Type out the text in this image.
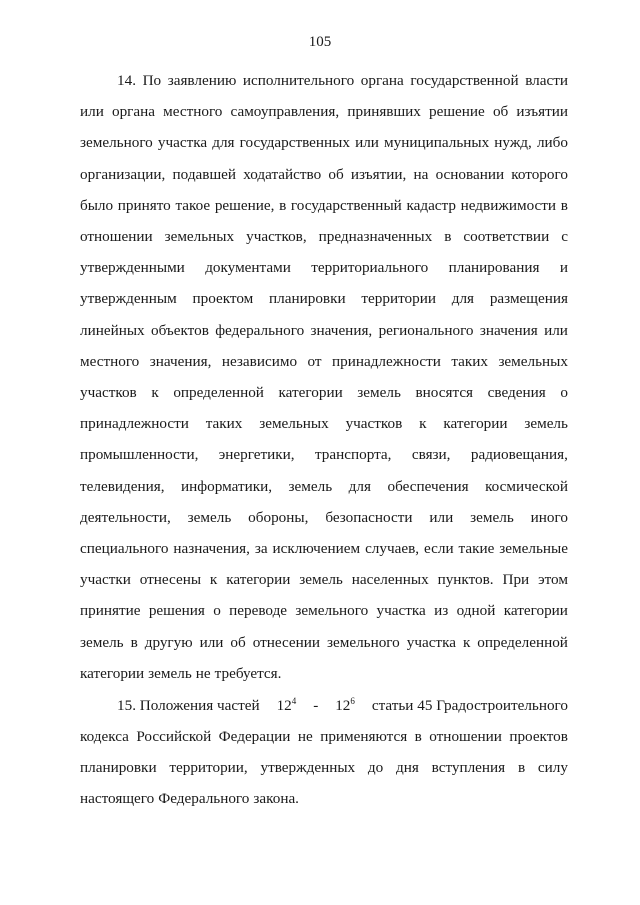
105
14. По заявлению исполнительного органа государственной власти
или органа местного самоуправления, принявших решение об изъятии
земельного участка для государственных или муниципальных нужд, либо
организации, подавшей ходатайство об изъятии, на основании которого
было принято такое решение, в государственный кадастр недвижимости в
отношении земельных участков, предназначенных в соответствии с
утвержденными документами территориального планирования и
утвержденным проектом планировки территории для размещения
линейных объектов федерального значения, регионального значения или
местного значения, независимо от принадлежности таких земельных
участков к определенной категории земель вносятся сведения о
принадлежности таких земельных участков к категории земель
промышленности, энергетики, транспорта, связи, радиовещания,
телевидения, информатики, земель для обеспечения космической
деятельности, земель обороны, безопасности или земель иного
специального назначения, за исключением случаев, если такие земельные
участки отнесены к категории земель населенных пунктов. При этом
принятие решения о переводе земельного участка из одной категории
земель в другую или об отнесении земельного участка к определенной
категории земель не требуется.
15. Положения частей $12^4 - 12^6$ статьи 45 Градостроительного
кодекса Российской Федерации не применяются в отношении проектов
планировки территории, утвержденных до дня вступления в силу
настоящего Федерального закона.
